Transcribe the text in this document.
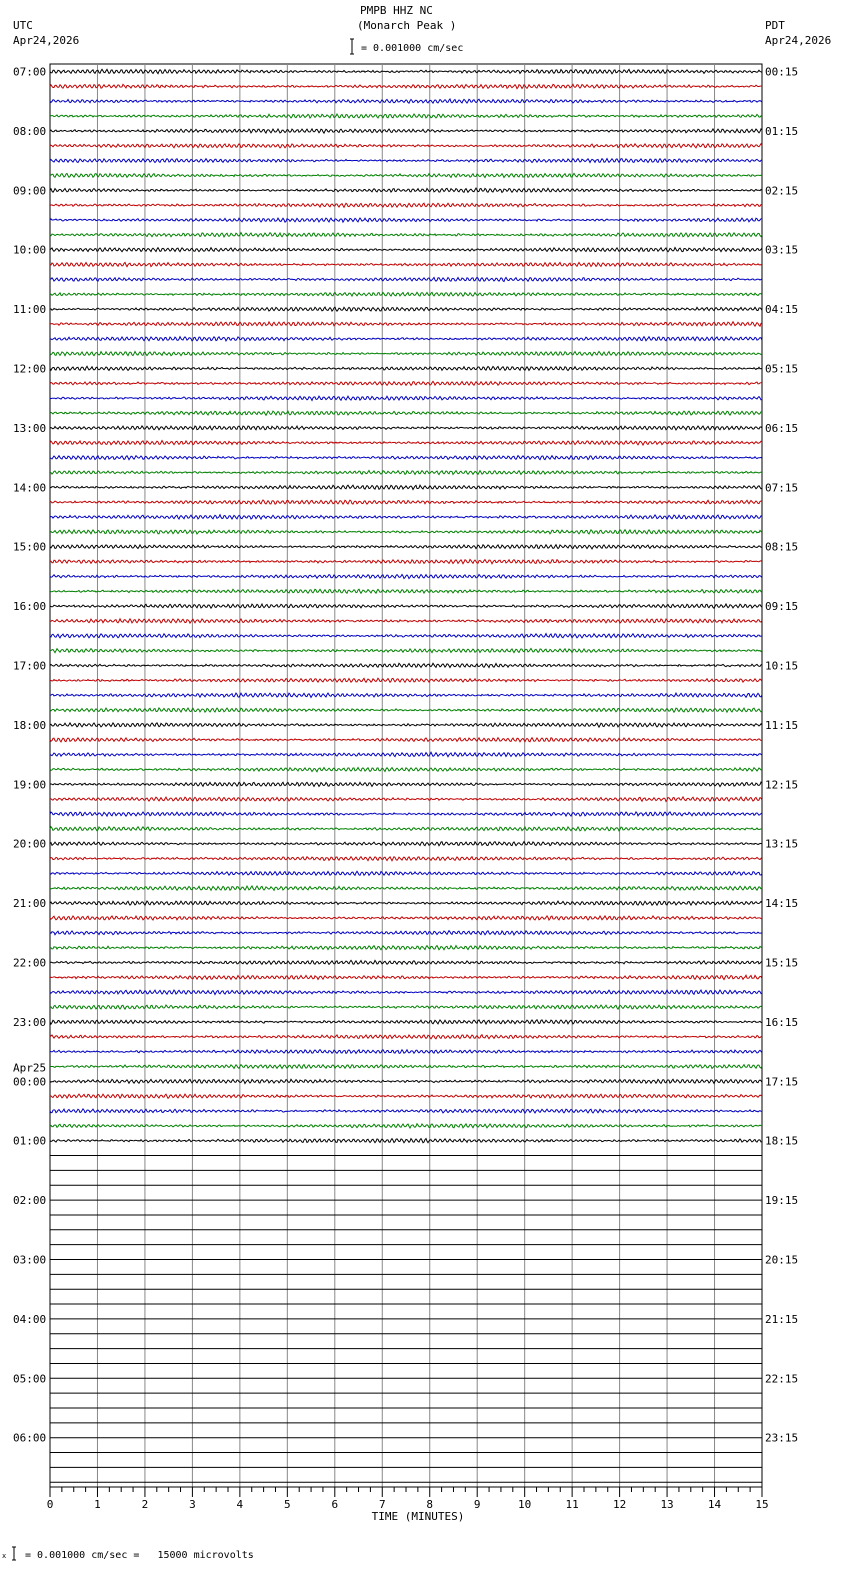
PMPB HHZ NC
(Monarch Peak )
UTC
Apr24,2026
PDT
Apr24,2026
= 0.001000 cm/sec
x = 0.001000 cm/sec =   15000 microvolts
07:00
08:00
09:00
10:00
11:00
12:00
13:00
14:00
15:00
16:00
17:00
18:00
19:00
20:00
21:00
22:00
23:00
00:00
Apr25
01:00
02:00
03:00
04:00
05:00
06:00
00:15
01:15
02:15
03:15
04:15
05:15
06:15
07:15
08:15
09:15
10:15
11:15
12:15
13:15
14:15
15:15
16:15
17:15
18:15
19:15
20:15
21:15
22:15
23:15
0	1	2	3	4	5	6	7	8	9	10	11	12	13	14	15
TIME (MINUTES)
